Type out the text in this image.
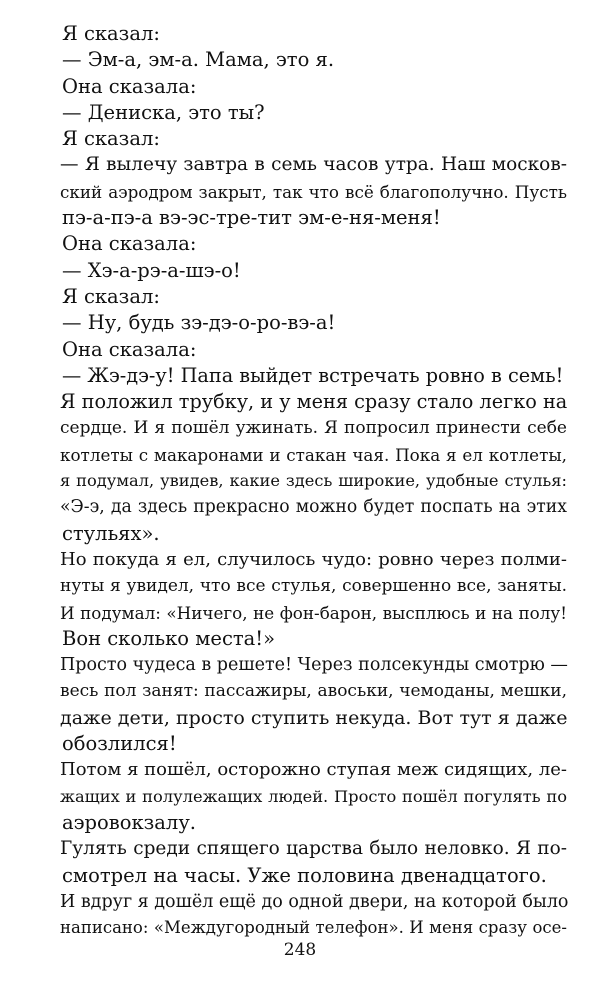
Я сказал:
— Эм-а, эм-а. Мама, это я.
Она сказала:
— Дениска, это ты?
Я сказал:
— Я вылечу завтра в семь часов утра. Наш москов-
ский аэродром закрыт, так что всё благополучно. Пусть
пэ-а-пэ-а вэ-эс-тре-тит эм-е-ня-меня!
Она сказала:
— Хэ-а-рэ-а-шэ-о!
Я сказал:
— Ну, будь зэ-дэ-о-ро-вэ-а!
Она сказала:
— Жэ-дэ-у! Папа выйдет встречать ровно в семь!
Я положил трубку, и у меня сразу стало легко на
сердце. И я пошёл ужинать. Я попросил принести себе
котлеты с макаронами и стакан чая. Пока я ел котлеты,
я подумал, увидев, какие здесь широкие, удобные стулья:
«Э-э, да здесь прекрасно можно будет поспать на этих
стульях».
Но покуда я ел, случилось чудо: ровно через полми-
нуты я увидел, что все стулья, совершенно все, заняты.
И подумал: «Ничего, не фон-барон, высплюсь и на полу!
Вон сколько места!»
Просто чудеса в решете! Через полсекунды смотрю —
весь пол занят: пассажиры, авоськи, чемоданы, мешки,
даже дети, просто ступить некуда. Вот тут я даже
обозлился!
Потом я пошёл, осторожно ступая меж сидящих, ле-
жащих и полулежащих людей. Просто пошёл погулять по
аэровокзалу.
Гулять среди спящего царства было неловко. Я по-
смотрел на часы. Уже половина двенадцатого.
И вдруг я дошёл ещё до одной двери, на которой было
написано: «Междугородный телефон». И меня сразу осе-
248
